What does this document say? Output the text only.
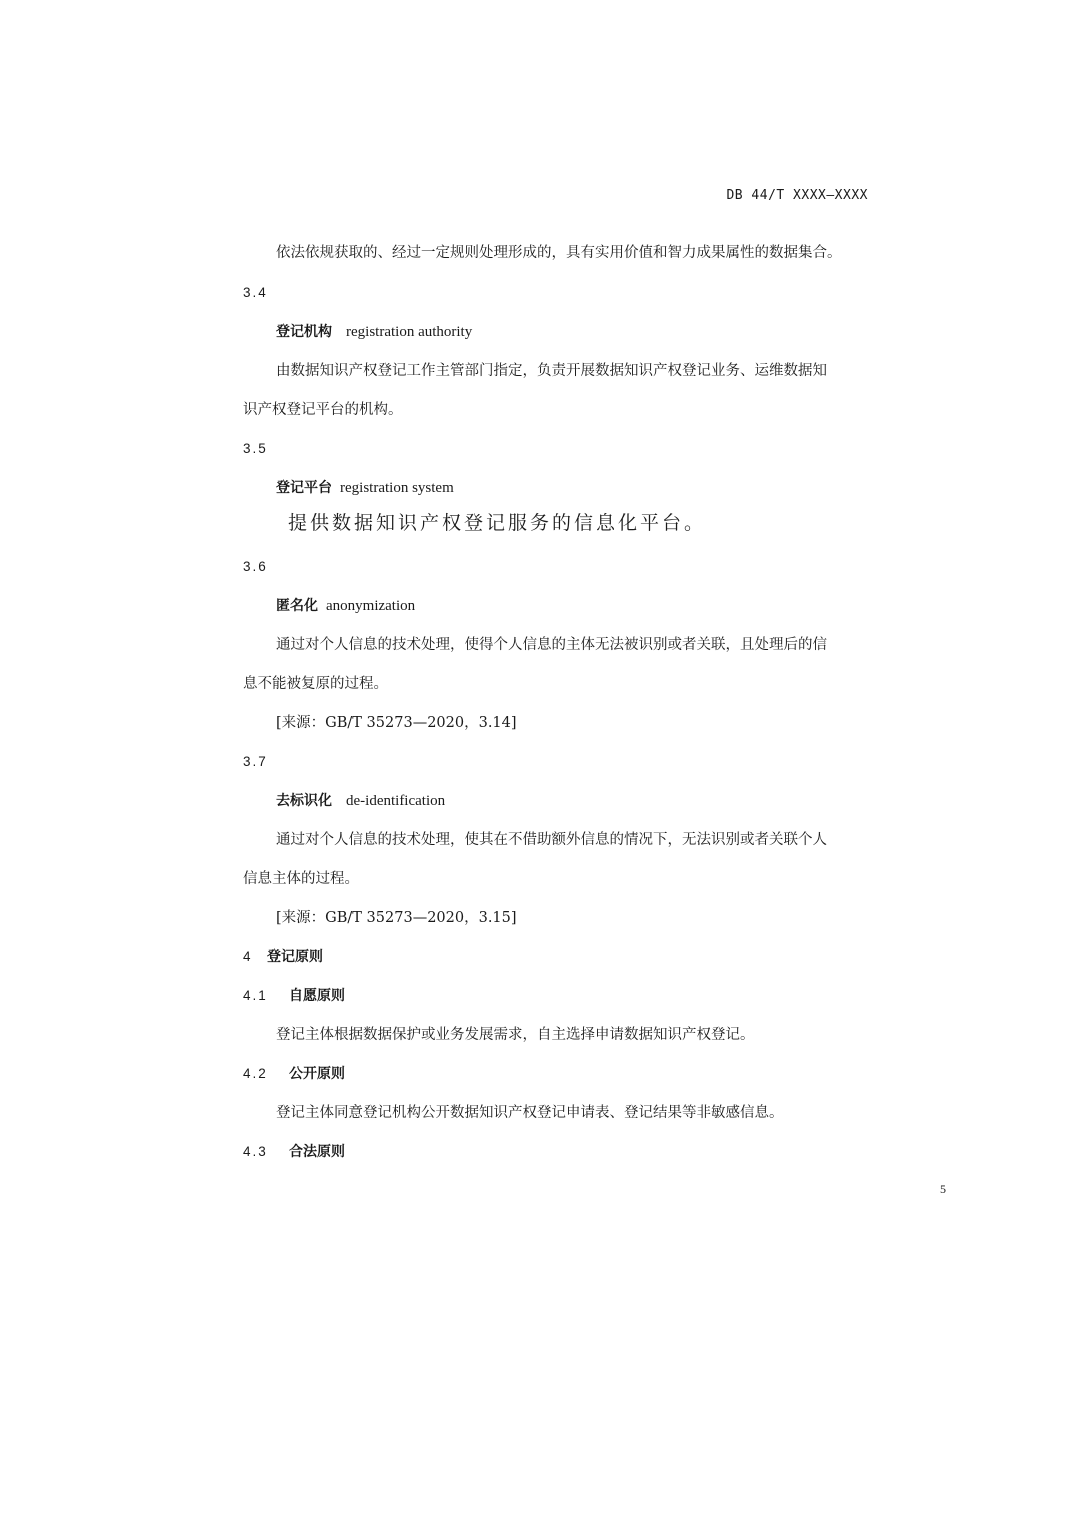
DB 44/T XXXX—XXXX
依法依规获取的、经过一定规则处理形成的，具有实用价值和智力成果属性的数据集合。
3.4
登记机构 registration authority
由数据知识产权登记工作主管部门指定，负责开展数据知识产权登记业务、运维数据知
识产权登记平台的机构。
3.5
登记平台 registration system
提供数据知识产权登记服务的信息化平台。
3.6
匿名化 anonymization
通过对个人信息的技术处理，使得个人信息的主体无法被识别或者关联，且处理后的信
息不能被复原的过程。
[来源：GB/T 35273—2020，3.14]
3.7
去标识化 de-identification
通过对个人信息的技术处理，使其在不借助额外信息的情况下，无法识别或者关联个人
信息主体的过程。
[来源：GB/T 35273—2020，3.15]
4 登记原则
4.1 自愿原则
登记主体根据数据保护或业务发展需求，自主选择申请数据知识产权登记。
4.2 公开原则
登记主体同意登记机构公开数据知识产权登记申请表、登记结果等非敏感信息。
4.3 合法原则
5
